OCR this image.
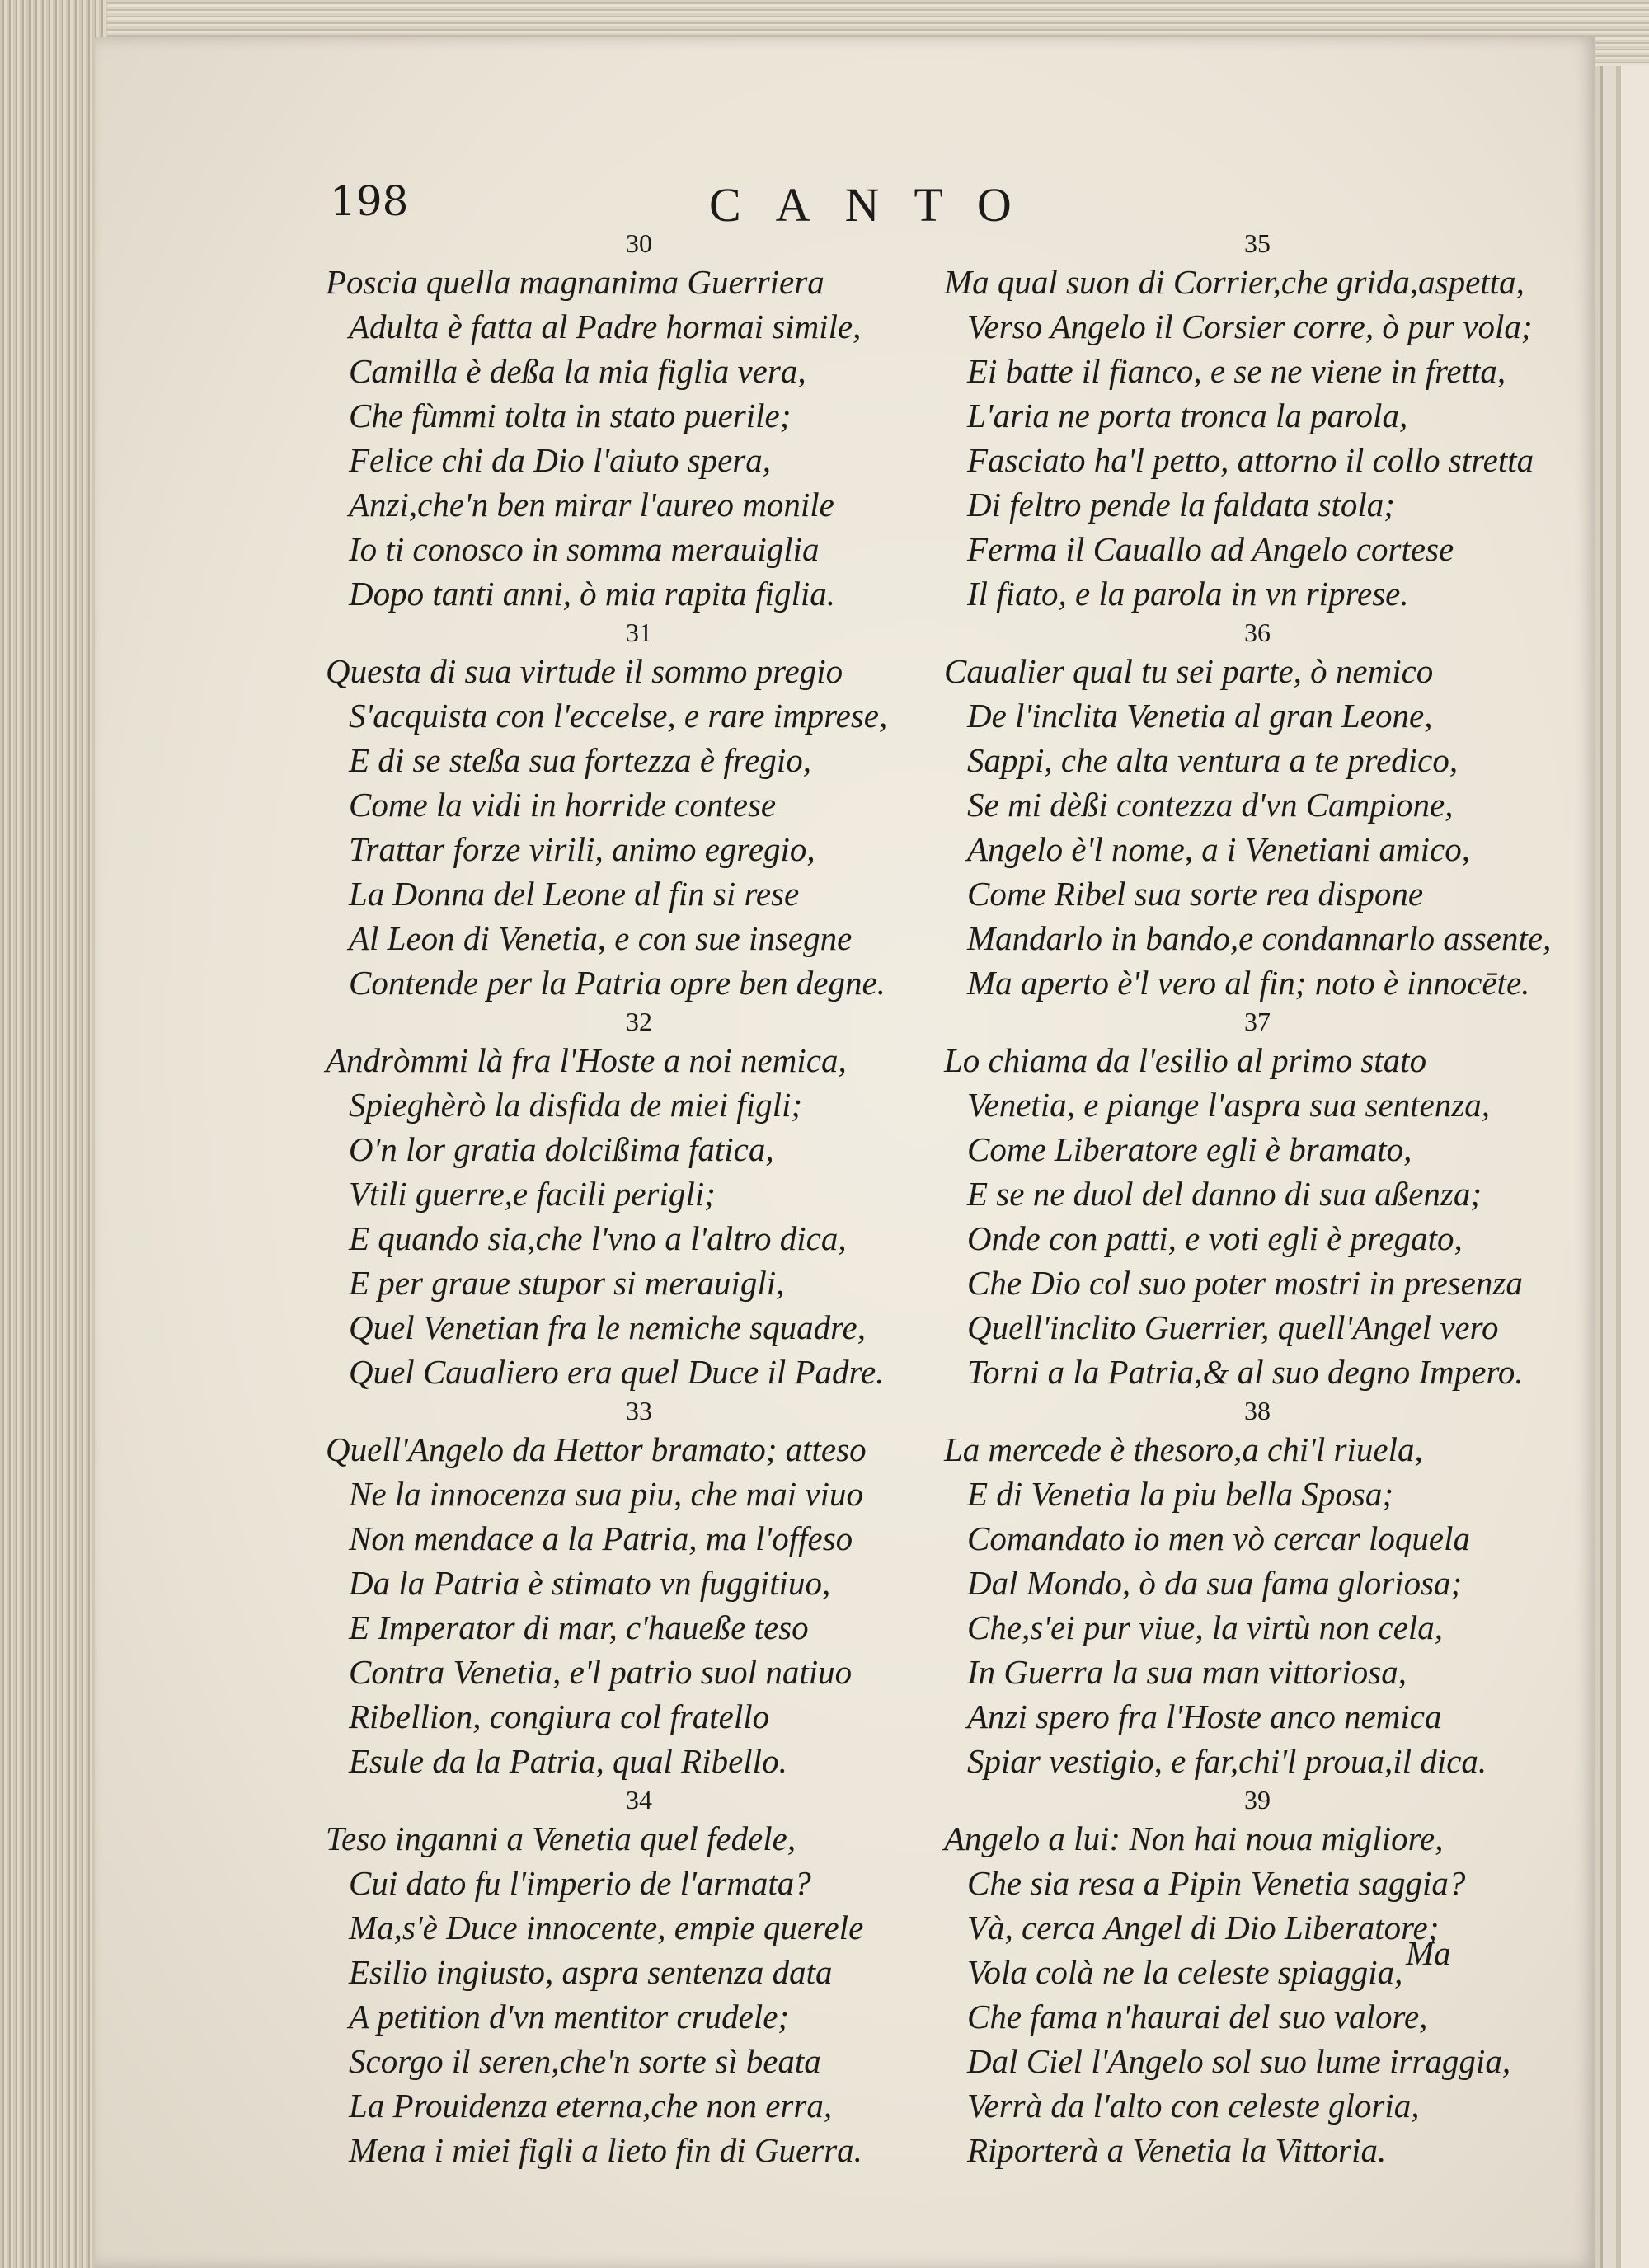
198	CANTO
30
Poscia quella magnanima Guerriera
Adulta è fatta al Padre hormai simile,
Camilla è deßa la mia figlia vera,
Che fùmmi tolta in stato puerile;
Felice chi da Dio l'aiuto spera,
Anzi,che'n ben mirar l'aureo monile
Io ti conosco in somma merauiglia
Dopo tanti anni, ò mia rapita figlia.
31
Questa di sua virtude il sommo pregio
S'acquista con l'eccelse, e rare imprese,
E di se steßa sua fortezza è fregio,
Come la vidi in horride contese
Trattar forze virili, animo egregio,
La Donna del Leone al fin si rese
Al Leon di Venetia, e con sue insegne
Contende per la Patria opre ben degne.
32
Andròmmi là fra l'Hoste a noi nemica,
Spieghèrò la disfida de miei figli;
O'n lor gratia dolcißima fatica,
Vtili guerre,e facili perigli;
E quando sia,che l'vno a l'altro dica,
E per graue stupor si merauigli,
Quel Venetian fra le nemiche squadre,
Quel Caualiero era quel Duce il Padre.
33
Quell'Angelo da Hettor bramato; atteso
Ne la innocenza sua piu, che mai viuo
Non mendace a la Patria, ma l'offeso
Da la Patria è stimato vn fuggitiuo,
E Imperator di mar, c'haueße teso
Contra Venetia, e'l patrio suol natiuo
Ribellion, congiura col fratello
Esule da la Patria, qual Ribello.
34
Teso inganni a Venetia quel fedele,
Cui dato fu l'imperio de l'armata?
Ma,s'è Duce innocente, empie querele
Esilio ingiusto, aspra sentenza data
A petition d'vn mentitor crudele;
Scorgo il seren,che'n sorte sì beata
La Prouidenza eterna,che non erra,
Mena i miei figli a lieto fin di Guerra.
35
Ma qual suon di Corrier,che grida,aspetta,
Verso Angelo il Corsier corre, ò pur vola;
Ei batte il fianco, e se ne viene in fretta,
L'aria ne porta tronca la parola,
Fasciato ha'l petto, attorno il collo stretta
Di feltro pende la faldata stola;
Ferma il Cauallo ad Angelo cortese
Il fiato, e la parola in vn riprese.
36
Caualier qual tu sei parte, ò nemico
De l'inclita Venetia al gran Leone,
Sappi, che alta ventura a te predico,
Se mi dèßi contezza d'vn Campione,
Angelo è'l nome, a i Venetiani amico,
Come Ribel sua sorte rea dispone
Mandarlo in bando,e condannarlo assente,
Ma aperto è'l vero al fin; noto è innocēte.
37
Lo chiama da l'esilio al primo stato
Venetia, e piange l'aspra sua sentenza,
Come Liberatore egli è bramato,
E se ne duol del danno di sua aßenza;
Onde con patti, e voti egli è pregato,
Che Dio col suo poter mostri in presenza
Quell'inclito Guerrier, quell'Angel vero
Torni a la Patria,& al suo degno Impero.
38
La mercede è thesoro,a chi'l riuela,
E di Venetia la piu bella Sposa;
Comandato io men vò cercar loquela
Dal Mondo, ò da sua fama gloriosa;
Che,s'ei pur viue, la virtù non cela,
In Guerra la sua man vittoriosa,
Anzi spero fra l'Hoste anco nemica
Spiar vestigio, e far,chi'l proua,il dica.
39
Angelo a lui: Non hai noua migliore,
Che sia resa a Pipin Venetia saggia?
Và, cerca Angel di Dio Liberatore;
Vola colà ne la celeste spiaggia,
Che fama n'haurai del suo valore,
Dal Ciel l'Angelo sol suo lume irraggia,
Verrà da l'alto con celeste gloria,
Riporterà a Venetia la Vittoria.
Ma
